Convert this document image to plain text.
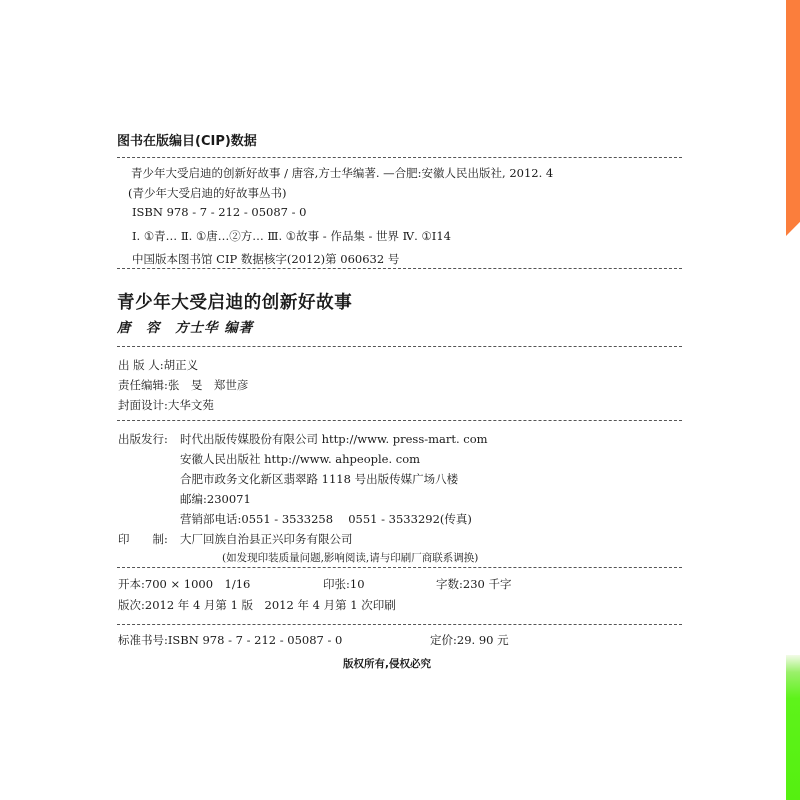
图书在版编目(CIP)数据
青少年大受启迪的创新好故事 / 唐容,方士华编著. —合肥:安徽人民出版社, 2012. 4
(青少年大受启迪的好故事丛书)
ISBN 978 - 7 - 212 - 05087 - 0
Ⅰ. ①青… Ⅱ. ①唐…②方… Ⅲ. ①故事 - 作品集 - 世界 Ⅳ. ①I14
中国版本图书馆 CIP 数据核字(2012)第 060632 号
青少年大受启迪的创新好故事
唐　容　方士华 编著
出 版 人:胡正义
责任编辑:张　旻　郑世彦
封面设计:大华文苑
出版发行: 时代出版传媒股份有限公司 http://www. press-mart. com
安徽人民出版社 http://www. ahpeople. com
合肥市政务文化新区翡翠路 1118 号出版传媒广场八楼
邮编:230071
营销部电话:0551 - 3533258　 0551 - 3533292(传真)
印　　制: 大厂回族自治县正兴印务有限公司
(如发现印装质量问题,影响阅读,请与印刷厂商联系调换)
开本:700 × 1000　1/16	印张:10	字数:230 千字
版次:2012 年 4 月第 1 版　2012 年 4 月第 1 次印刷
标准书号:ISBN 978 - 7 - 212 - 05087 - 0	定价:29. 90 元
版权所有,侵权必究
